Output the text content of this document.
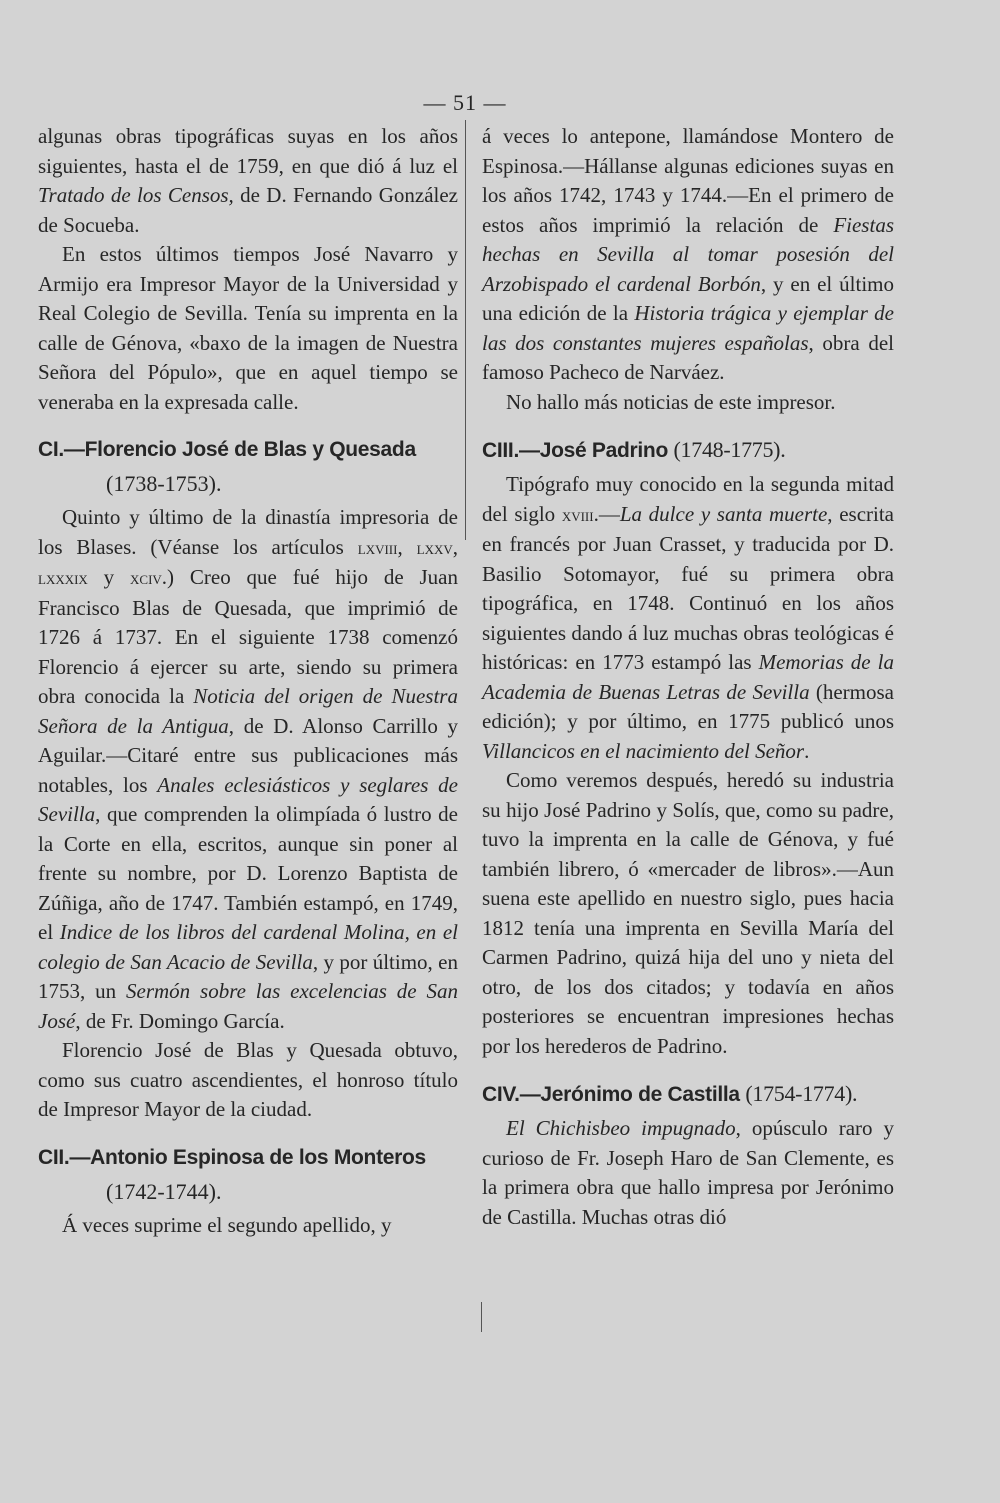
— 51 —

algunas obras tipográficas suyas en los años siguientes, hasta el de 1759, en que dió á luz el Tratado de los Censos, de D. Fernando González de Socueba.

En estos últimos tiempos José Navarro y Armijo era Impresor Mayor de la Universidad y Real Colegio de Sevilla. Tenía su imprenta en la calle de Génova, «baxo de la imagen de Nuestra Señora del Pópulo», que en aquel tiempo se veneraba en la expresada calle.

CI.—Florencio José de Blas y Quesada
(1738-1753).

Quinto y último de la dinastía impresoria de los Blases. (Véanse los artículos lxviii, lxxv, lxxxix y xciv.) Creo que fué hijo de Juan Francisco Blas de Quesada, que imprimió de 1726 á 1737. En el siguiente 1738 comenzó Florencio á ejercer su arte, siendo su primera obra conocida la Noticia del origen de Nuestra Señora de la Antigua, de D. Alonso Carrillo y Aguilar.—Citaré entre sus publicaciones más notables, los Anales eclesiásticos y seglares de Sevilla, que comprenden la olimpíada ó lustro de la Corte en ella, escritos, aunque sin poner al frente su nombre, por D. Lorenzo Baptista de Zúñiga, año de 1747. También estampó, en 1749, el Indice de los libros del cardenal Molina, en el colegio de San Acacio de Sevilla, y por último, en 1753, un Sermón sobre las excelencias de San José, de Fr. Domingo García.

Florencio José de Blas y Quesada obtuvo, como sus cuatro ascendientes, el honroso título de Impresor Mayor de la ciudad.

CII.—Antonio Espinosa de los Monteros
(1742-1744).

Á veces suprime el segundo apellido, y

á veces lo antepone, llamándose Montero de Espinosa.—Hállanse algunas ediciones suyas en los años 1742, 1743 y 1744.—En el primero de estos años imprimió la relación de Fiestas hechas en Sevilla al tomar posesión del Arzobispado el cardenal Borbón, y en el último una edición de la Historia trágica y ejemplar de las dos constantes mujeres españolas, obra del famoso Pacheco de Narváez.

No hallo más noticias de este impresor.

CIII.—José Padrino (1748-1775).

Tipógrafo muy conocido en la segunda mitad del siglo xviii.—La dulce y santa muerte, escrita en francés por Juan Crasset, y traducida por D. Basilio Sotomayor, fué su primera obra tipográfica, en 1748. Continuó en los años siguientes dando á luz muchas obras teológicas é históricas: en 1773 estampó las Memorias de la Academia de Buenas Letras de Sevilla (hermosa edición); y por último, en 1775 publicó unos Villancicos en el nacimiento del Señor.

Como veremos después, heredó su industria su hijo José Padrino y Solís, que, como su padre, tuvo la imprenta en la calle de Génova, y fué también librero, ó «mercader de libros».—Aun suena este apellido en nuestro siglo, pues hacia 1812 tenía una imprenta en Sevilla María del Carmen Padrino, quizá hija del uno y nieta del otro, de los dos citados; y todavía en años posteriores se encuentran impresiones hechas por los herederos de Padrino.

CIV.—Jerónimo de Castilla (1754-1774).

El Chichisbeo impugnado, opúsculo raro y curioso de Fr. Joseph Haro de San Clemente, es la primera obra que hallo impresa por Jerónimo de Castilla. Muchas otras dió
